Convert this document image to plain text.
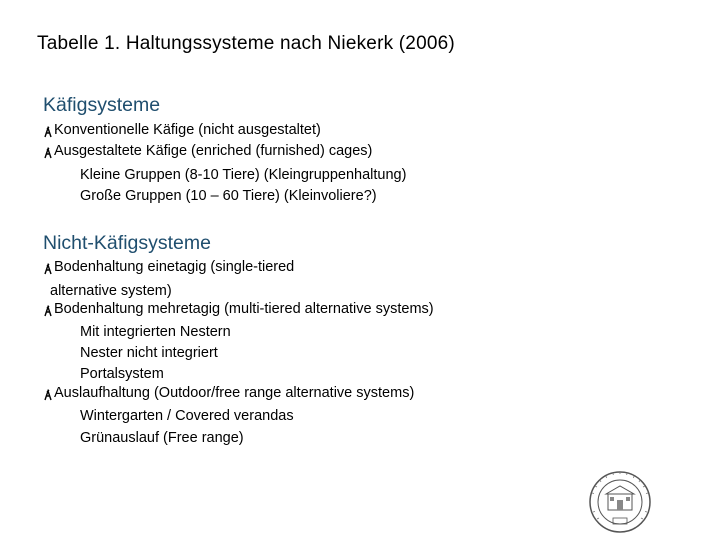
Tabelle 1. Haltungssysteme nach Niekerk (2006)
Käfigsysteme
Konventionelle Käfige (nicht ausgestaltet)
Ausgestaltete Käfige (enriched (furnished) cages)
Kleine Gruppen (8-10 Tiere) (Kleingruppenhaltung)
Große Gruppen (10 – 60 Tiere) (Kleinvoliere?)
Nicht-Käfigsysteme
Bodenhaltung einetagig (single-tiered
alternative system)
Bodenhaltung mehretagig (multi-tiered alternative systems)
Mit integrierten Nestern
Nester nicht integriert
Portalsystem
Auslaufhaltung (Outdoor/free range alternative systems)
Wintergarten / Covered verandas
Grünauslauf (Free range)
